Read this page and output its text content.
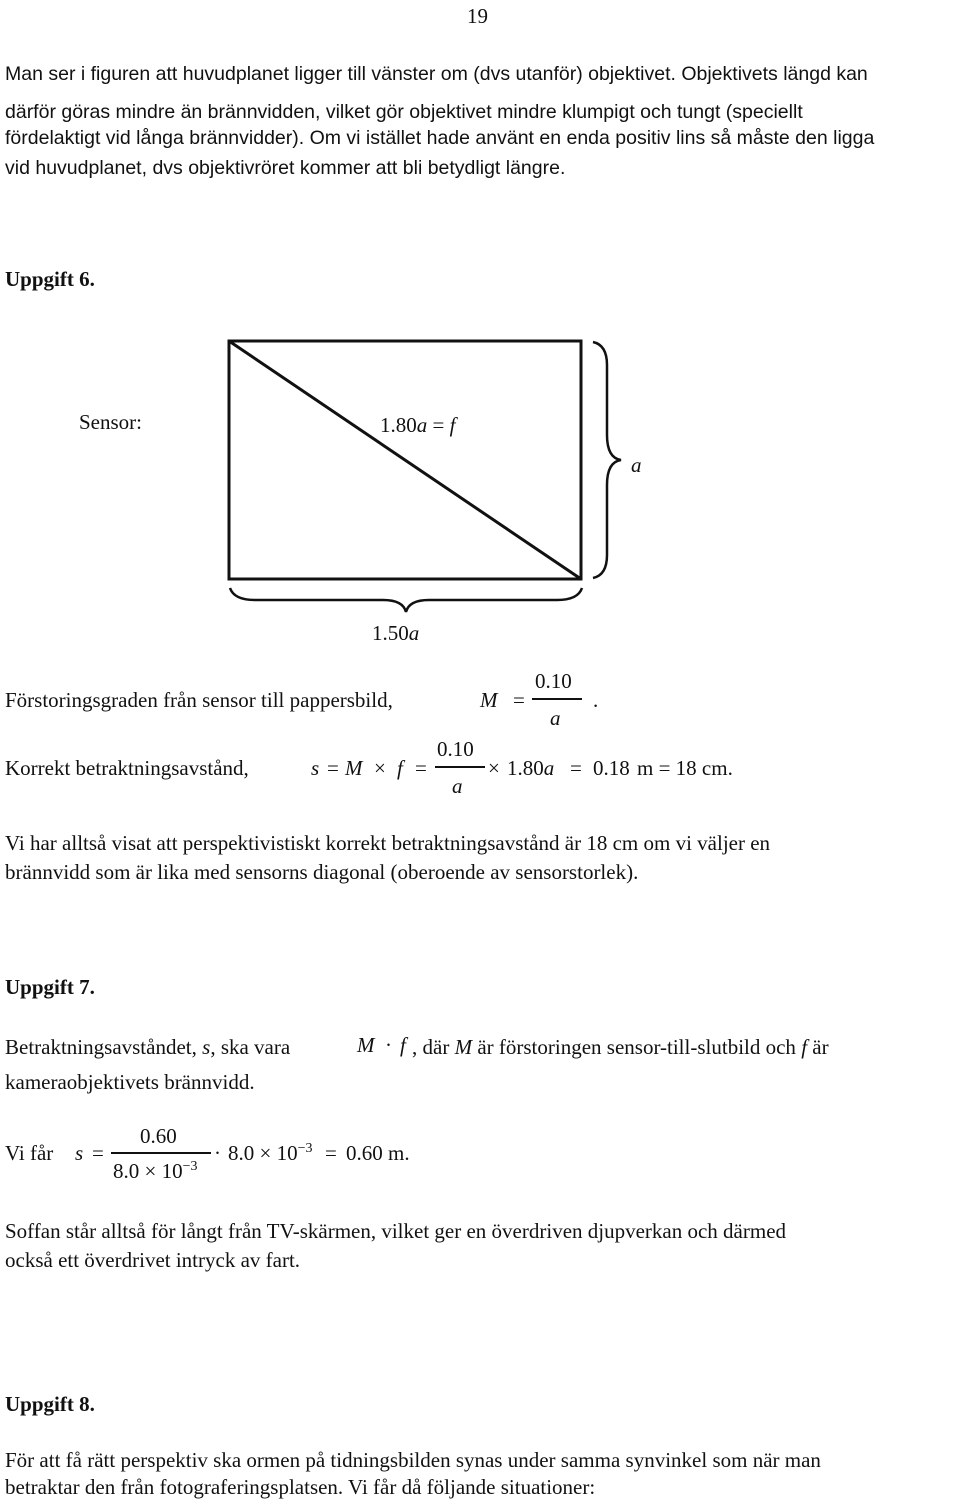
19
Man ser i figuren att huvudplanet ligger till vänster om (dvs utanför) objektivet. Objektivets längd kan
därför göras mindre än brännvidden, vilket gör objektivet mindre klumpigt och tungt (speciellt
fördelaktigt vid långa brännvidder). Om vi istället hade använt en enda positiv lins så måste den ligga
vid huvudplanet, dvs objektivröret kommer att bli betydligt längre.
Uppgift 6.
Sensor:	1.80a = f
a
1.50a
Förstoringsgraden från sensor till pappersbild,	M =
0.10
a
.
Korrekt betraktningsavstånd,	s = M × f =
0.10
a
× 1.80a = 0.18 m = 18 cm.
Vi har alltså visat att perspektivistiskt korrekt betraktningsavstånd är 18 cm om vi väljer en
brännvidd som är lika med sensorns diagonal (oberoende av sensorstorlek).
Uppgift 7.
Betraktningsavståndet, s, ska vara	M · f , där M är förstoringen sensor-till-slutbild och f är
kameraobjektivets brännvidd.
Vi får s =
0.60
$8.0 \times 10^{-3}$
· $8.0 \times 10^{-3} = 0.60$ m.
Soffan står alltså för långt från TV-skärmen, vilket ger en överdriven djupverkan och därmed
också ett överdrivet intryck av fart.
Uppgift 8.
För att få rätt perspektiv ska ormen på tidningsbilden synas under samma synvinkel som när man
betraktar den från fotograferingsplatsen. Vi får då följande situationer:
